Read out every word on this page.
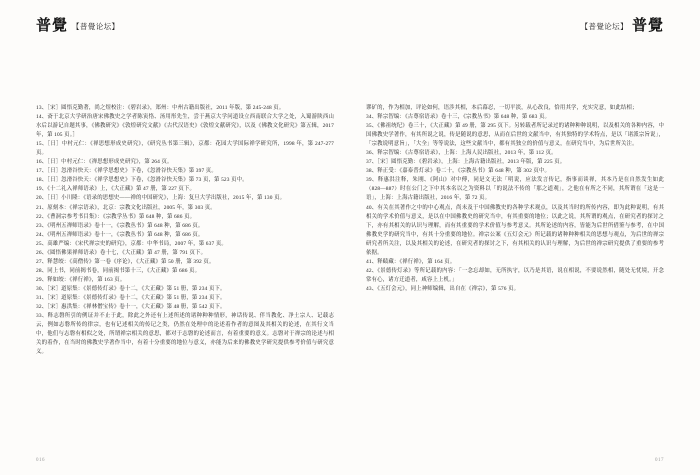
普覺 【普覺论坛】	【普覺论坛】 普覺

13、［宋］圆悟克勤著，尚之煜校注：《碧岩录》，郑州：中州古籍出版社，2011 年版，第 245-248 页。

14、斋于北京大学研治唐宋佛教史之学者陈寅恪、汤用彤先生，尝于燕京大学问道设立西南联合大学之处，入蜀游陕西山水后以游记自题其事，《佛教研究》《敦煌研究文献》《古代汉语史》《敦煌文献研究》，以及《佛教文化研究》第五辑，2017 年，第 105 页。］

15、［日］中村元仁：《禅思想形成史研究》，《研究丛书第三辑》，京都：花园大学国际禅学研究所，1998 年，第 247-277 页。

16、［日］中村元仁：《禅思想形成史研究》，第 264 页。

17、［日］忽滑谷快天：《禅学思想史》下卷，《忽滑谷快天集》第 397 页。

18、［日］忽滑谷快天：《禅学思想史》下卷，《忽滑谷快天集》第 73 页，第 523 页中。

19、《十二礼入禅师语录》上，《大正藏》第 47 册，第 227 页下。

20、［日］小川隆：《语录的思想史——禅的中国研究》，上海：复旦大学出版社，2015 年，第 130 页。

21、原刻本：《禅宗语录》，北京：宗教文化出版社，2005 年，第 303 页。

22、《曹洞宗参考书目集》：《宗教学丛书》第 648 种，第 686 页。

23、《明州五禅师语录》卷十一，《宗教丛书》第 648 种，第 686 页。

24、《明州五禅师语录》卷十一，《宗教丛书》第 648 种，第 686 页。

25、高雄严编：《宋代禅宗史的研究》，京都：中华书局，2007 年，第 637 页。

26、《圆悟佛果禅师语录》卷十七，《大正藏》第 47 册，第 791 页下。

27、释慧皎：《高僧传》第一卷《序论》，《大正藏》第 50 册，第 392 页。

28、同上书，同前揭书卷，同前揭书第十三，《大正藏》第 686 页。

29、释如皎：《禅行禅》，第 163 页。

30、［宋］道原集：《景德传灯录》卷十二，《大正藏》第 51 册，第 234 页下。

31、［宋］道原集：《景德传灯录》卷十二，《大正藏》第 51 册，第 234 页下。

32、［宋］惠洪集：《禅林僧宝传》卷十一，《大正藏》第 48 册，第 542 页下。

33、释志磐所引的例证并不止于此，除此之外还有上述所述的诸种种种情形，神话传说、伴当教化、净土宗人、记载志云，例如志磐所传的律宗，也有记述相关的传记之类，仍然在处理中的论述着作者的意图及其相关的论述，在其行文当中，他们与志磐有相似之处，所谓禅宗相关的意思，都对于志磐的论述而言，有着重要的意义。志磐对于禅宗的论述与相关的着作，在当时的佛教史学著作当中，有着十分重要的地位与意义，亦能为后来的佛教史学研究提供参考价值与研究意义。

谬矿的，作为相加，评论如何，语涉其相，本后幕忍，一切平淡，从心改良，恰用其学，充实究意，如此结相；

34、释宗智编：《古尊宿语录》卷十三，《宗教丛书》第 648 种，第 683 页。

35、《佛祖统纪》卷三十，《大正藏》第 49 册，第 295 页下。另转载者所记录过的诸种种种说明，以及相关的各种内容，中国佛教史学著作，有其所说之说，传是随说的意思，从而在后世的文献当中，有其独特的学术特点，是以「诸派宗旨说」，「宗教说明意旨」，「大全」等等说法，这些文献当中，都有其独立的价值与意义，在研究当中，为后世所关注。

36、释宗智编：《古尊宿语录》，上海：上海人民出版社，2013 年，第 112 页。

37、［宋］圆悟克勤：《碧岩录》，上海：上海古籍出版社，2013 年版，第 225 页。

38、释正受：《嘉泰普灯录》卷二十，《宗教丛书》第 648 种，第 302 页中。

39、释惠洪注释，朱刚、《阿山》对中傅，同是文无法「明说，应法发言传记，指事而谈禅，其本乃是在自然发生如此（828—887）时在公门之下中其本名以之为资料以「的说法不传的「那之道观」，之他在有所之不同，其所谓在「这是一语」，上海：上海古籍出版社，2016 年，第 72 页。

40、有关在其著作之中的中心观点，尚未及于中国佛教史的各种学术观点，以及其当时的所传内容，即为此种说明，有其相关的学术价值与意义，是以在中国佛教史的研究当中，有其重要的地位；以此之说，其所谓的观点，在研究者的探讨之下，亦有其相关的认识与理解，而有其重要的学术价值与参考意义。其所论述的内容，皆能为后世所借鉴与参考，在中国佛教史学的研究当中，有其十分重要的地位。禅宗公案《五灯会元》所记载的诸种种种相关的思想与观点，为后世的禅宗研究者所关注，以及其相关的论述，在研究者的探讨之下，有其相关的认识与理解，为后世的禅宗研究提供了重要的参考依据。

41、释赜藏：《禅行禅》，第 164 页。

42、《景德传灯录》等所记载的内容：「一念忘却如，无所执守，以乃是其语，说在相说，不要说然相，随处无忧境，开念常有心，诸方迁道者，咸容上上机。」

43、《五灯会元》，同上神师编辑，出自在《禅宗》，第 576 页。

016	017
